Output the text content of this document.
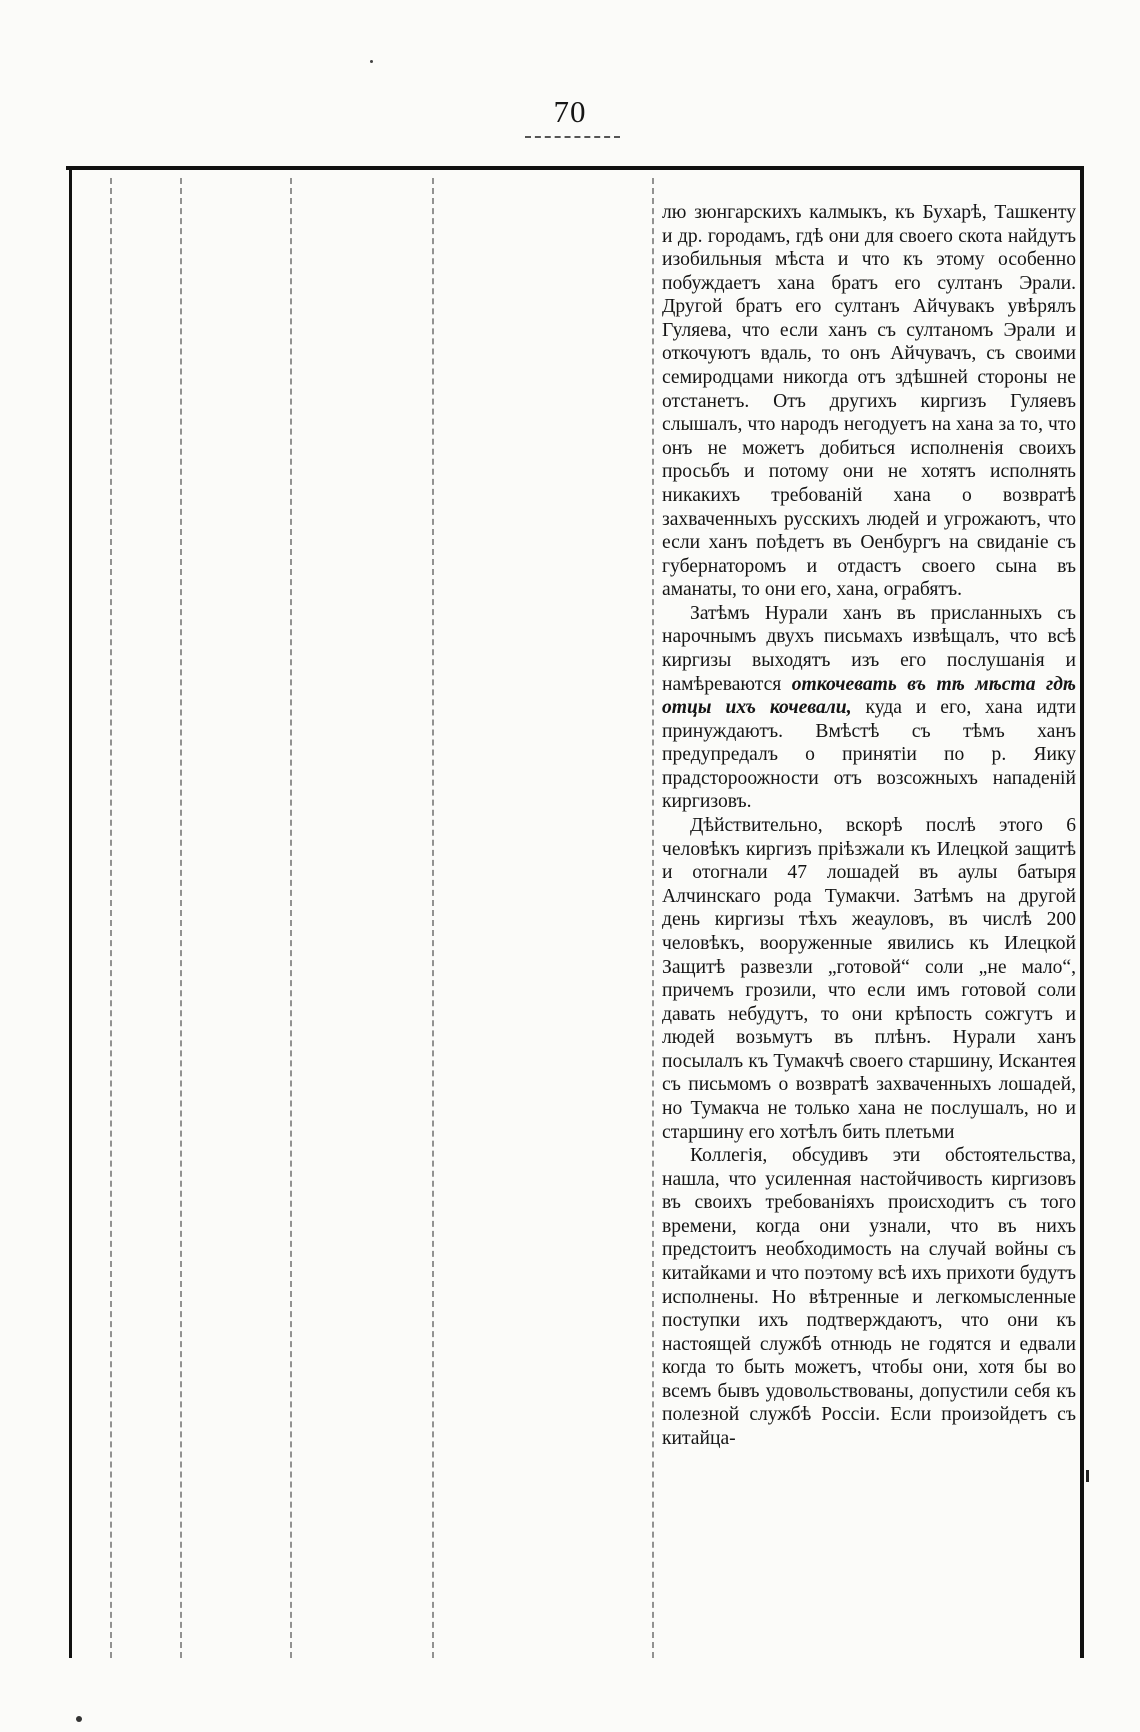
70

лю зюнгарскихъ калмыкъ, къ Бухарѣ, Ташкенту и др. городамъ, гдѣ они для своего скота найдутъ изобильныя мѣста и что къ этому особенно побуждаетъ хана братъ его султанъ Эрали. Другой братъ его султанъ Айчувакъ увѣрялъ Гуляева, что если ханъ съ султаномъ Эрали и откочуютъ вдаль, то онъ Айчувачъ, съ своими семиродцами никогда отъ здѣшней стороны не отстанетъ. Отъ другихъ киргизъ Гуляевъ слышалъ, что народъ негодуетъ на хана за то, что онъ не можетъ добиться исполненія своихъ просьбъ и потому они не хотятъ исполнять никакихъ требованій хана о возвратѣ захваченныхъ русскихъ людей и угрожаютъ, что если ханъ поѣдетъ въ Оенбургъ на свиданіе съ губернаторомъ и отдастъ своего сына въ аманаты, то они его, хана, ограбятъ.

Затѣмъ Нурали ханъ въ присланныхъ съ нарочнымъ двухъ письмахъ извѣщалъ, что всѣ киргизы выходятъ изъ его послушанія и намѣреваются откочевать въ тѣ мѣста гдѣ отцы ихъ кочевали, куда и его, хана идти принуждаютъ. Вмѣстѣ съ тѣмъ ханъ предупредалъ о принятіи по р. Яику прaдстороожности отъ возсожныхъ нападеній киргизовъ.

Дѣйствительно, вскорѣ послѣ этого 6 человѣкъ киргизъ пріѣзжали къ Илецкой защитѣ и отогнали 47 лошадей въ аулы батыря Алчинскаго рода Тумакчи. Затѣмъ на другой день киргизы тѣхъ жеауловъ, въ числѣ 200 человѣкъ, вооруженные явились къ Илецкой Защитѣ развезли „готовой“ соли „не мало“, причемъ грозили, что если имъ готовой соли давать небудутъ, то они крѣпость сожгутъ и людей возьмутъ въ плѣнъ. Нурали ханъ посылалъ къ Тумакчѣ своего старшину, Искантея съ письмомъ о возвратѣ захваченныхъ лошадей, но Тумакча не только хана не послушалъ, но и старшину его хотѣлъ бить плетьми

Коллегія, обсудивъ эти обстоятельства, нашла, что усиленная настойчивость киргизовъ въ своихъ требованіяхъ происходитъ съ того времени, когда они узнали, что въ нихъ предстоитъ необходимость на случай войны съ китайками и что поэтому всѣ ихъ прихоти будутъ исполнены. Но вѣтренные и легкомысленные поступки ихъ подтверждаютъ, что они къ настоящей службѣ отнюдь не годятся и едвали когда то быть можетъ, чтобы они, хотя бы во всемъ бывъ удовольствованы, допустили себя къ полезной службѣ Россіи. Если произойдетъ съ китайца-
